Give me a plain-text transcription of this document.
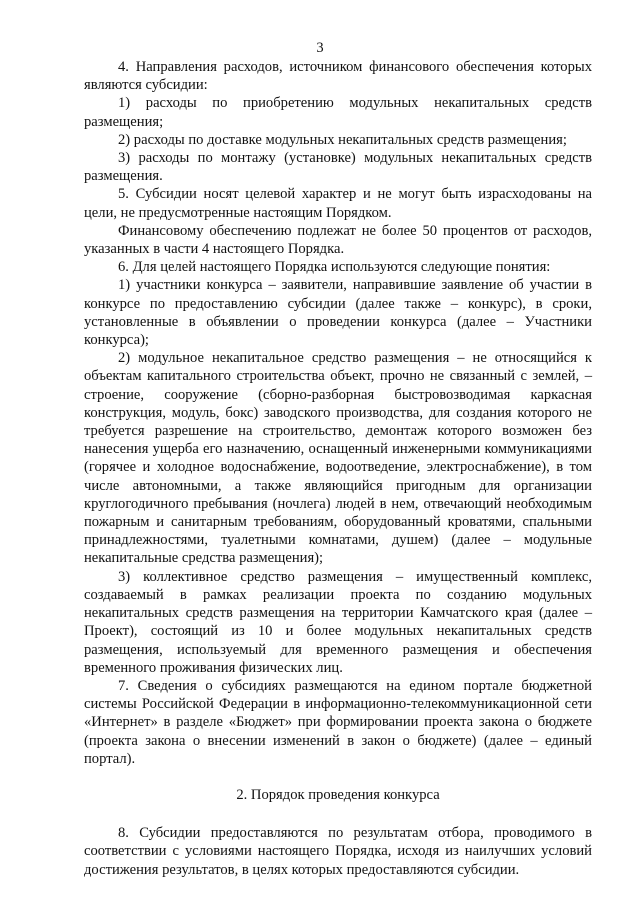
3

4. Направления расходов, источником финансового обеспечения которых являются субсидии:

1) расходы по приобретению модульных некапитальных средств размещения;

2) расходы по доставке модульных некапитальных средств размещения;

3) расходы по монтажу (установке) модульных некапитальных средств размещения.

5. Субсидии носят целевой характер и не могут быть израсходованы на цели, не предусмотренные настоящим Порядком.

Финансовому обеспечению подлежат не более 50 процентов от расходов, указанных в части 4 настоящего Порядка.

6. Для целей настоящего Порядка используются следующие понятия:

1) участники конкурса – заявители, направившие заявление об участии в конкурсе по предоставлению субсидии (далее также – конкурс), в сроки, установленные в объявлении о проведении конкурса (далее – Участники конкурса);

2) модульное некапитальное средство размещения – не относящийся к объектам капитального строительства объект, прочно не связанный с землей, – строение, сооружение (сборно-разборная быстровозводимая каркасная конструкция, модуль, бокс) заводского производства, для создания которого не требуется разрешение на строительство, демонтаж которого возможен без нанесения ущерба его назначению, оснащенный инженерными коммуникациями (горячее и холодное водоснабжение, водоотведение, электроснабжение), в том числе автономными, а также являющийся пригодным для организации круглогодичного пребывания (ночлега) людей в нем, отвечающий необходимым пожарным и санитарным требованиям, оборудованный кроватями, спальными принадлежностями, туалетными комнатами, душем) (далее – модульные некапитальные средства размещения);

3) коллективное средство размещения – имущественный комплекс, создаваемый в рамках реализации проекта по созданию модульных некапитальных средств размещения на территории Камчатского края (далее – Проект), состоящий из 10 и более модульных некапитальных средств размещения, используемый для временного размещения и обеспечения временного проживания физических лиц.

7. Сведения о субсидиях размещаются на едином портале бюджетной системы Российской Федерации в информационно-телекоммуникационной сети «Интернет» в разделе «Бюджет» при формировании проекта закона о бюджете (проекта закона о внесении изменений в закон о бюджете) (далее – единый портал).

2. Порядок проведения конкурса

8. Субсидии предоставляются по результатам отбора, проводимого в соответствии с условиями настоящего Порядка, исходя из наилучших условий достижения результатов, в целях которых предоставляются субсидии.
